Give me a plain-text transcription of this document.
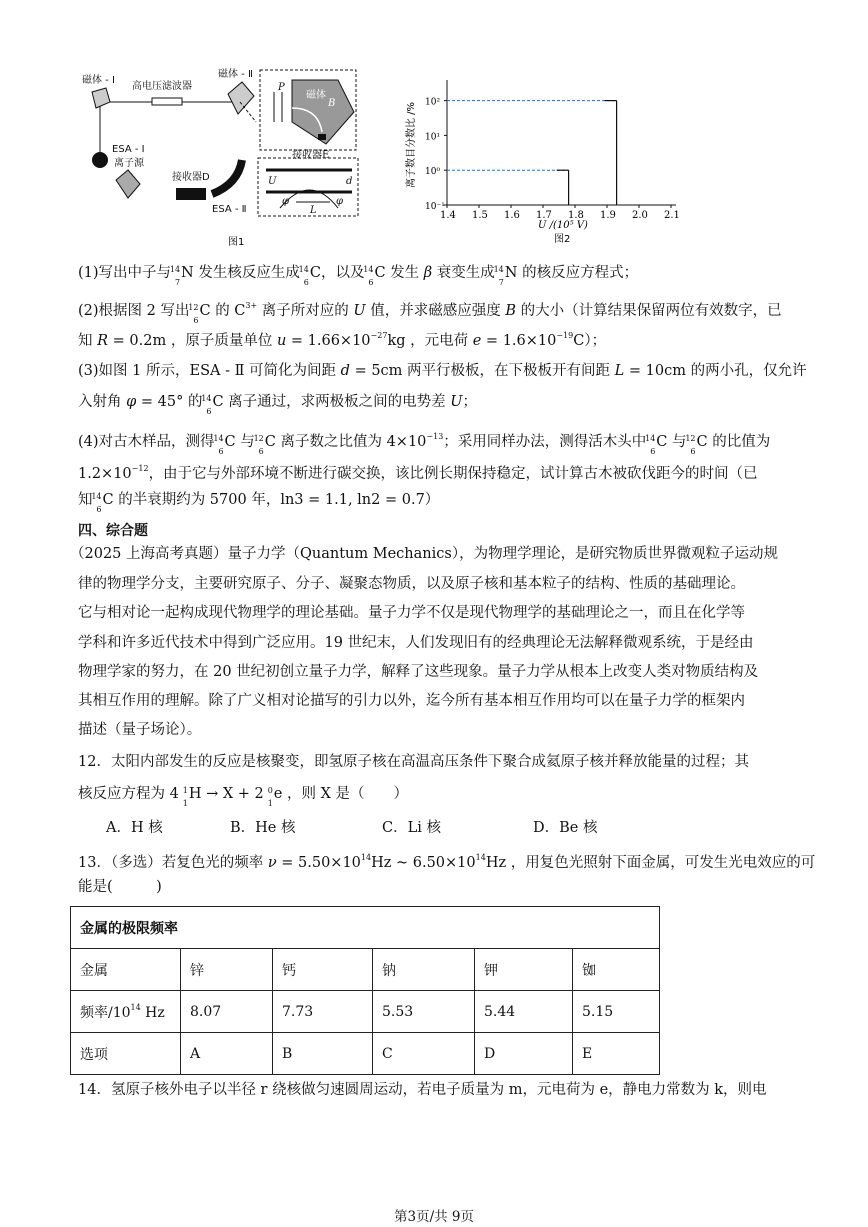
磁体 - Ⅰ
高电压滤波器
磁体 - Ⅱ
ESA - Ⅰ
离子源
接收器D
ESA - Ⅱ
P
磁体
B
接收器E
U	d
L
φ	φ
图1
离子数目分数比 /%
1.4 1.5 1.6 1.7 1.8 1.9 2.0 2.1
10⁻¹
10⁰
10¹
10²
U /(10⁵ V)
图2
(1)写出中子与
14
7
N 发生核反应生成
14
6
C，以及
14
6
C 发生 β 衰变生成
14
7
N 的核反应方程式；
(2)根据图 2 写出
12
6
C 的 $C^{3+}$ 离子所对应的 U 值，并求磁感应强度 B 的大小（计算结果保留两位有效数字，已
知 R = 0.2m ，原子质量单位 $u = 1.66\times 10^{-27}kg$ ，元电荷 $e = 1.6\times 10^{-19}C$）；
(3)如图 1 所示，ESA - Ⅱ 可简化为间距 d = 5cm 两平行极板，在下极板开有间距 L = 10cm 的两小孔，仅允许
入射角 φ = 45° 的
14
6
C 离子通过，求两极板之间的电势差 U；
(4)对古木样品，测得
14
6
C 与
12
6
C 离子数之比值为 $4\times 10^{-13}$；采用同样办法，测得活木头中
14
6
C 与
12
6
C 的比值为
$1.2\times 10^{-12}$，由于它与外部环境不断进行碳交换，该比例长期保持稳定，试计算古木被砍伐距今的时间（已
知
14
6
C 的半衰期约为 5700 年，ln3 = 1.1, ln2 = 0.7）
四、综合题
（2025 上海高考真题）量子力学（Quantum Mechanics），为物理学理论，是研究物质世界微观粒子运动规
律的物理学分支，主要研究原子、分子、凝聚态物质，以及原子核和基本粒子的结构、性质的基础理论。
它与相对论一起构成现代物理学的理论基础。量子力学不仅是现代物理学的基础理论之一，而且在化学等
学科和许多近代技术中得到广泛应用。19 世纪末，人们发现旧有的经典理论无法解释微观系统，于是经由
物理学家的努力，在 20 世纪初创立量子力学，解释了这些现象。量子力学从根本上改变人类对物质结构及
其相互作用的理解。除了广义相对论描写的引力以外，迄今所有基本相互作用均可以在量子力学的框架内
描述（量子场论）。
12．太阳内部发生的反应是核聚变，即氢原子核在高温高压条件下聚合成氦原子核并释放能量的过程；其
核反应方程为 4 1
1
H → X + 2 0
1
e ，则 X 是（　　）
A．H 核	B．He 核	C．Li 核	D．Be 核
13．（多选）若复色光的频率 $\nu = 5.50\times 10^{14}Hz$ ~ $6.50\times 10^{14}Hz$ ，用复色光照射下面金属，可发生光电效应的可
能是(　　　)
金属的极限频率					
金属	锌	钙	钠	钾	铷
频率$/10^{14}$ Hz	8.07	7.73	5.53	5.44	5.15
选项	A	B	C	D	E
14．氢原子核外电子以半径 r 绕核做匀速圆周运动，若电子质量为 m，元电荷为 e，静电力常数为 k，则电
第3页/共 9页
